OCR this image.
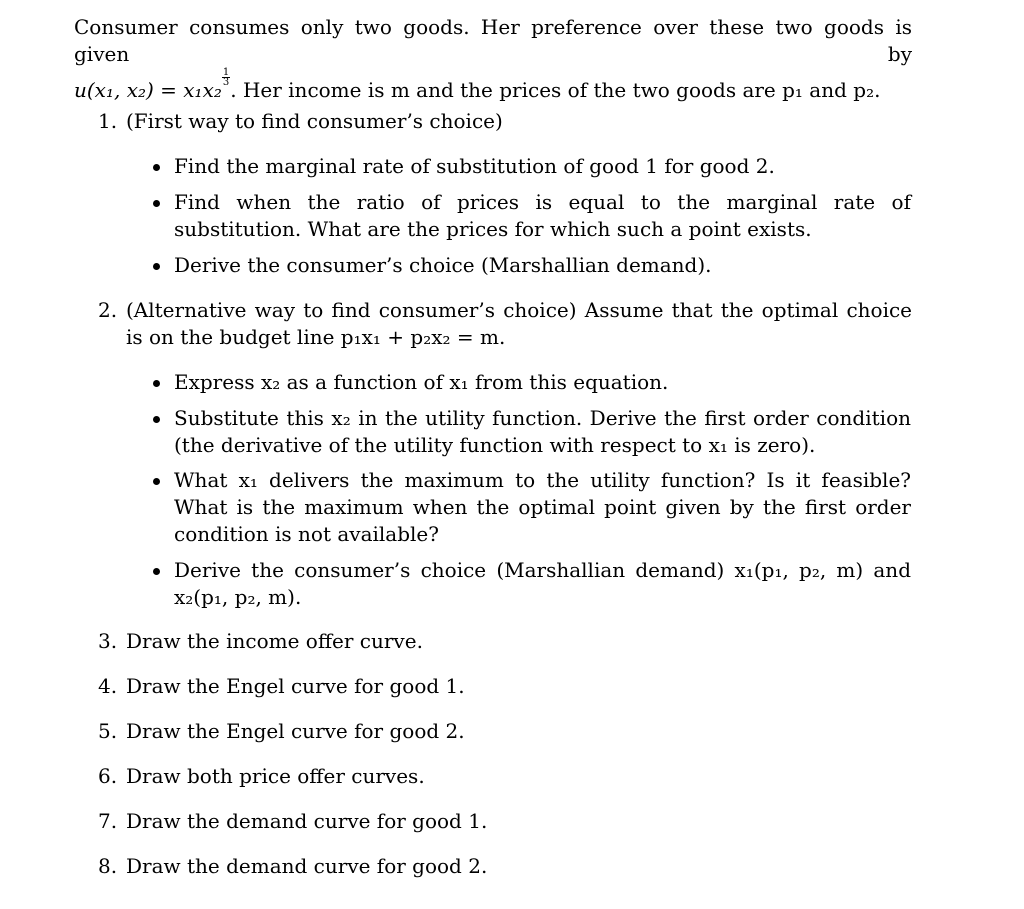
Consumer consumes only two goods. Her preference over these two goods is given by
u(x₁, x₂) = x₁x₂
$\frac{1}{3}$
. Her income is m and the prices of the two goods are p₁ and p₂.
1. (First way to find consumer’s choice)
Find the marginal rate of substitution of good 1 for good 2.
Find when the ratio of prices is equal to the marginal rate of substitution. What are the prices for which such a point exists.
Derive the consumer’s choice (Marshallian demand).
2. (Alternative way to find consumer’s choice) Assume that the optimal choice is on the budget line p₁x₁ + p₂x₂ = m.
Express x₂ as a function of x₁ from this equation.
Substitute this x₂ in the utility function. Derive the first order condition (the derivative of the utility function with respect to x₁ is zero).
What x₁ delivers the maximum to the utility function? Is it feasible? What is the maximum when the optimal point given by the first order condition is not available?
Derive the consumer’s choice (Marshallian demand) x₁(p₁, p₂, m) and x₂(p₁, p₂, m).
3. Draw the income offer curve.
4. Draw the Engel curve for good 1.
5. Draw the Engel curve for good 2.
6. Draw both price offer curves.
7. Draw the demand curve for good 1.
8. Draw the demand curve for good 2.
